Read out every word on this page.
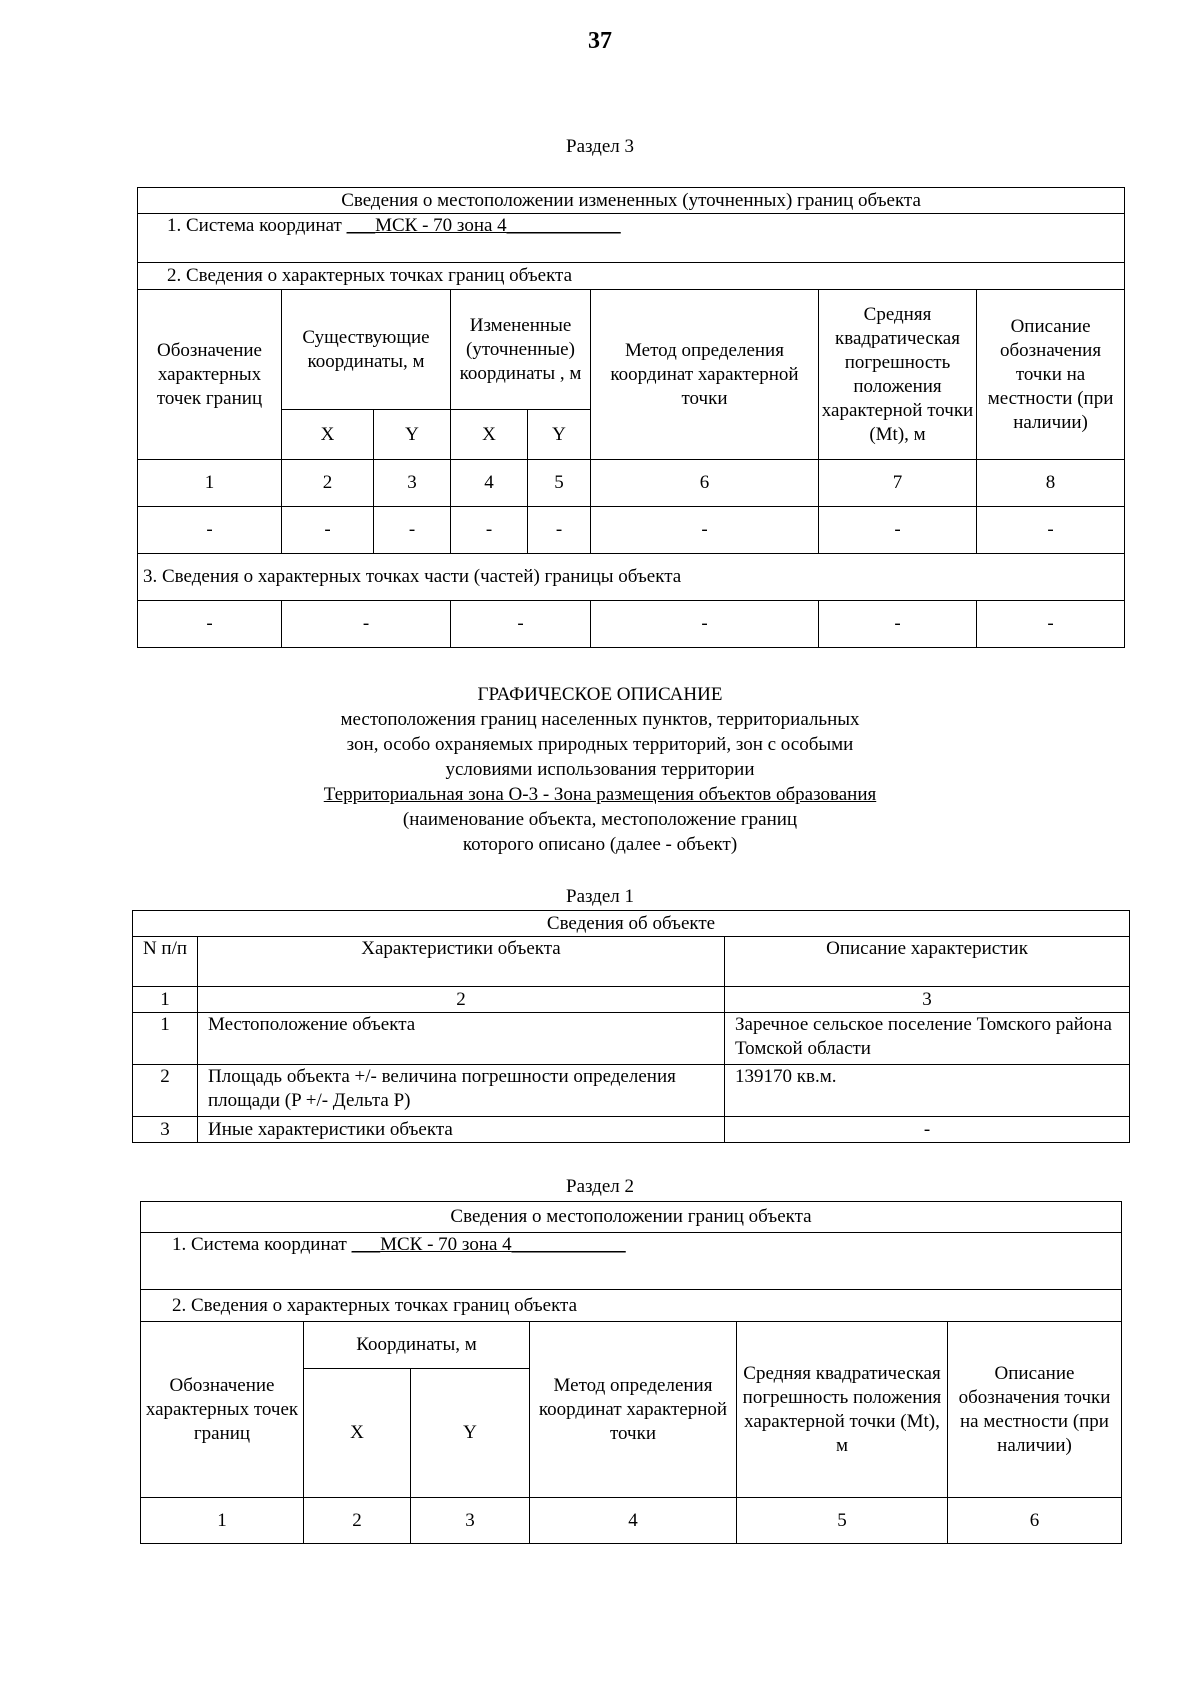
37
Раздел 3
Сведения о местоположении измененных (уточненных) границ объекта							
1. Система координат ___МСК - 70 зона 4____________							
2. Сведения о характерных точках границ объекта							
Обозначение характерных точек границ	Существующие координаты, м		Измененные (уточненные) координаты , м		Метод определения координат характерной точки	Средняя квадратическая погрешность положения характерной точки (Mt), м	Описание обозначения точки на местности (при наличии)
	X	Y	X	Y			
1	2	3	4	5	6	7	8
-	-	-	-	-	-	-	-
3. Сведения о характерных точках части (частей) границы объекта							
-	-		-		-	-	-
ГРАФИЧЕСКОЕ ОПИСАНИЕ
местоположения границ населенных пунктов, территориальных
зон, особо охраняемых природных территорий, зон с особыми
условиями использования территории
Территориальная зона О-3 - Зона размещения объектов образования
(наименование объекта, местоположение границ
которого описано (далее - объект)
Раздел 1
Сведения об объекте		
N п/п	Характеристики объекта	Описание характеристик
1	2	3
1	Местоположение объекта	Заречное сельское поселение Томского района Томской области
2	Площадь объекта +/- величина погрешности определения площади (P +/- Дельта P)	139170 кв.м.
3	Иные характеристики объекта	-
Раздел 2
Сведения о местоположении границ объекта					
1. Система координат ___МСК - 70 зона 4____________					
2. Сведения о характерных точках границ объекта					
Обозначение характерных точек границ	Координаты, м		Метод определения координат характерной точки	Средняя квадратическая погрешность положения характерной точки (Mt), м	Описание обозначения точки на местности (при наличии)
	X	Y			
1	2	3	4	5	6
